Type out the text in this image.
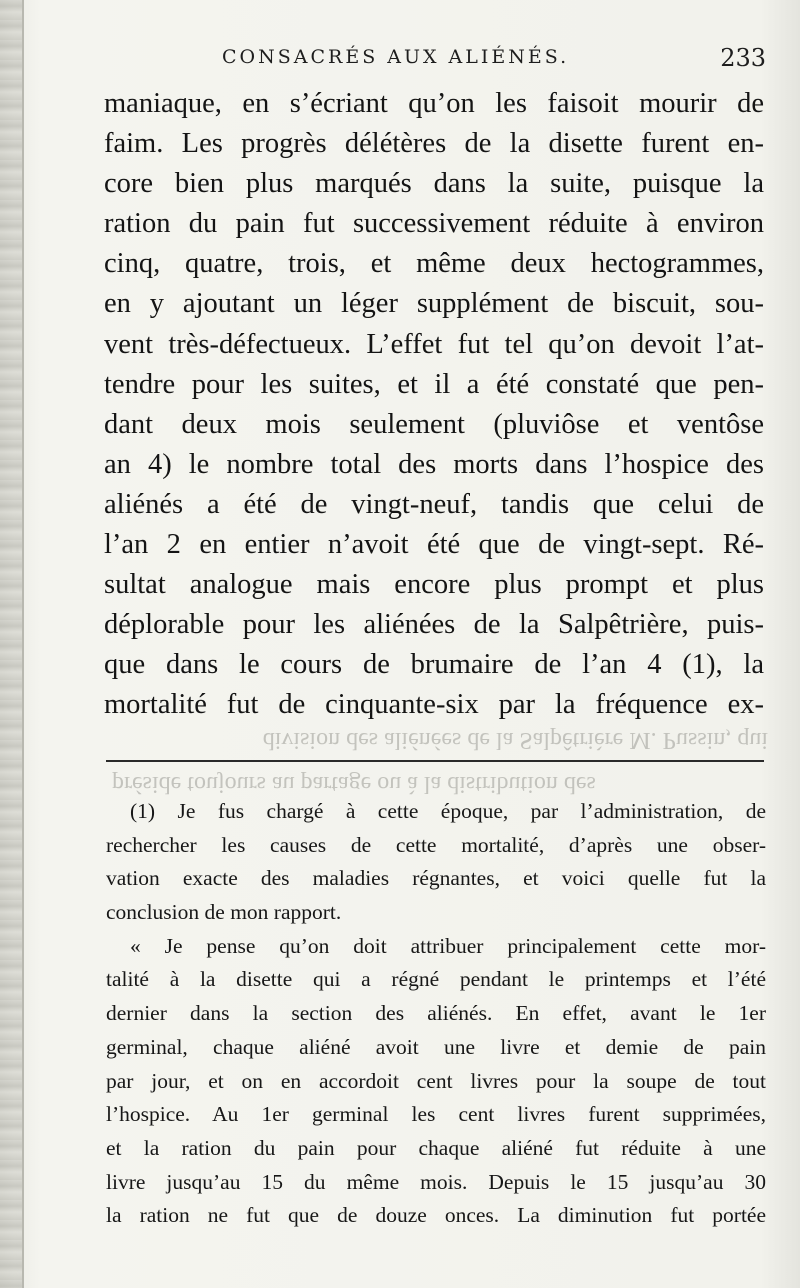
CONSACRÉS AUX ALIÉNÉS.	233
maniaque, en s’écriant qu’on les faisoit mourir de
faim. Les progrès délétères de la disette furent en-
core bien plus marqués dans la suite, puisque la
ration du pain fut successivement réduite à environ
cinq, quatre, trois, et même deux hectogrammes,
en y ajoutant un léger supplément de biscuit, sou-
vent très-défectueux. L’effet fut tel qu’on devoit l’at-
tendre pour les suites, et il a été constaté que pen-
dant deux mois seulement (pluviôse et ventôse
an 4) le nombre total des morts dans l’hospice des
aliénés a été de vingt-neuf, tandis que celui de
l’an 2 en entier n’avoit été que de vingt-sept. Ré-
sultat analogue mais encore plus prompt et plus
déplorable pour les aliénées de la Salpêtrière, puis-
que dans le cours de brumaire de l’an 4 (1), la
mortalité fut de cinquante-six par la fréquence ex-
division des aliénées de la Salpêtrière M. Pussin, qui
préside toujours au partage ou à la distribution des
(1) Je fus chargé à cette époque, par l’administration, de
rechercher les causes de cette mortalité, d’après une obser-
vation exacte des maladies régnantes, et voici quelle fut la
conclusion de mon rapport.
« Je pense qu’on doit attribuer principalement cette mor-
talité à la disette qui a régné pendant le printemps et l’été
dernier dans la section des aliénés. En effet, avant le 1er
germinal, chaque aliéné avoit une livre et demie de pain
par jour, et on en accordoit cent livres pour la soupe de tout
l’hospice. Au 1er germinal les cent livres furent supprimées,
et la ration du pain pour chaque aliéné fut réduite à une
livre jusqu’au 15 du même mois. Depuis le 15 jusqu’au 30
la ration ne fut que de douze onces. La diminution fut portée
